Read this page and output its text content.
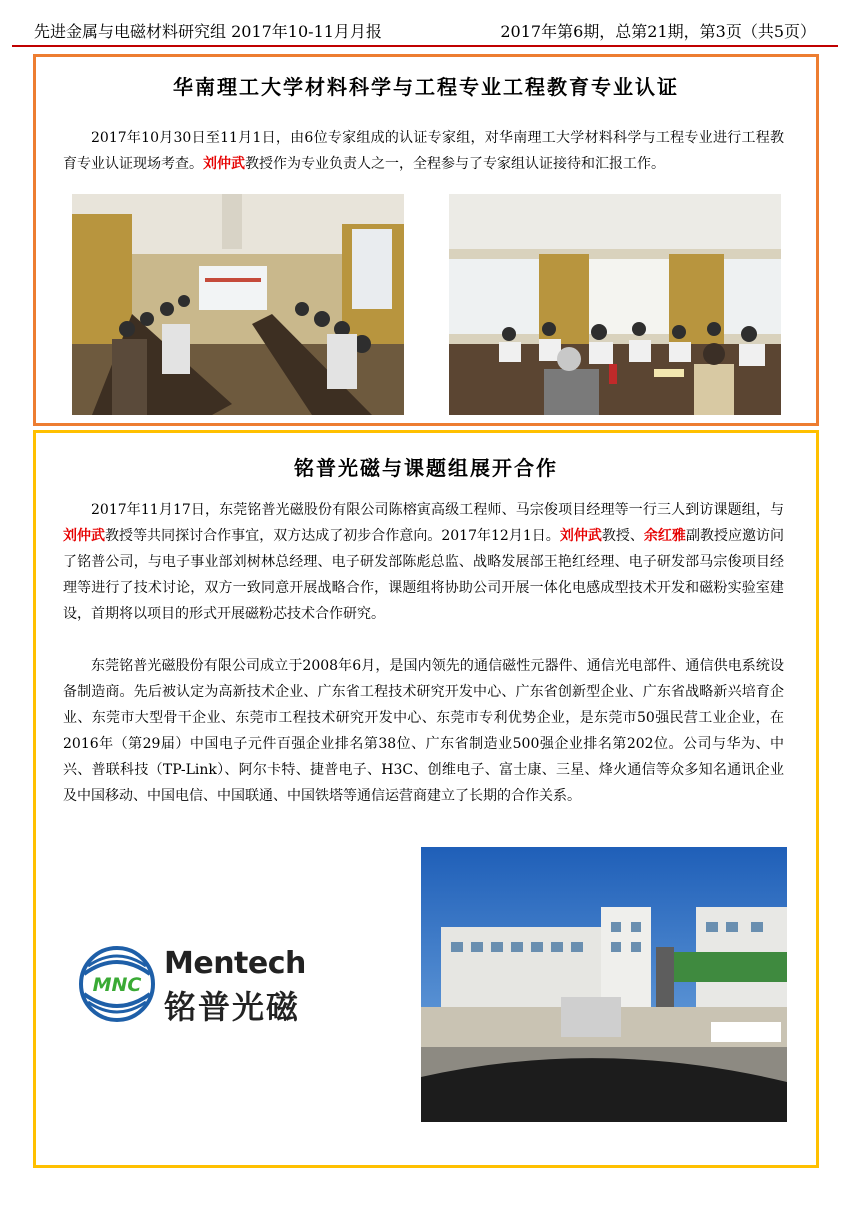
先进金属与电磁材料研究组 2017年10-11月月报	2017年第6期，总第21期，第3页（共5页）
华南理工大学材料科学与工程专业工程教育专业认证
2017年10月30日至11月1日，由6位专家组成的认证专家组，对华南理工大学材料科学与工程专业进行工程教育专业认证现场考查。刘仲武教授作为专业负责人之一，全程参与了专家组认证接待和汇报工作。
铭普光磁与课题组展开合作
2017年11月17日，东莞铭普光磁股份有限公司陈榕寅高级工程师、马宗俊项目经理等一行三人到访课题组，与刘仲武教授等共同探讨合作事宜，双方达成了初步合作意向。2017年12月1日。刘仲武教授、余红雅副教授应邀访问了铭普公司，与电子事业部刘树林总经理、电子研发部陈彪总监、战略发展部王艳红经理、电子研发部马宗俊项目经理等进行了技术讨论，双方一致同意开展战略合作，课题组将协助公司开展一体化电感成型技术开发和磁粉实验室建设，首期将以项目的形式开展磁粉芯技术合作研究。
东莞铭普光磁股份有限公司成立于2008年6月，是国内领先的通信磁性元器件、通信光电部件、通信供电系统设备制造商。先后被认定为高新技术企业、广东省工程技术研究开发中心、广东省创新型企业、广东省战略新兴培育企业、东莞市大型骨干企业、东莞市工程技术研究开发中心、东莞市专利优势企业，是东莞市50强民营工业企业，在2016年（第29届）中国电子元件百强企业排名第38位、广东省制造业500强企业排名第202位。公司与华为、中兴、普联科技（TP-Link）、阿尔卡特、捷普电子、H3C、创维电子、富士康、三星、烽火通信等众多知名通讯企业及中国移动、中国电信、中国联通、中国铁塔等通信运营商建立了长期的合作关系。
MNC
Mentech
铭普光磁
